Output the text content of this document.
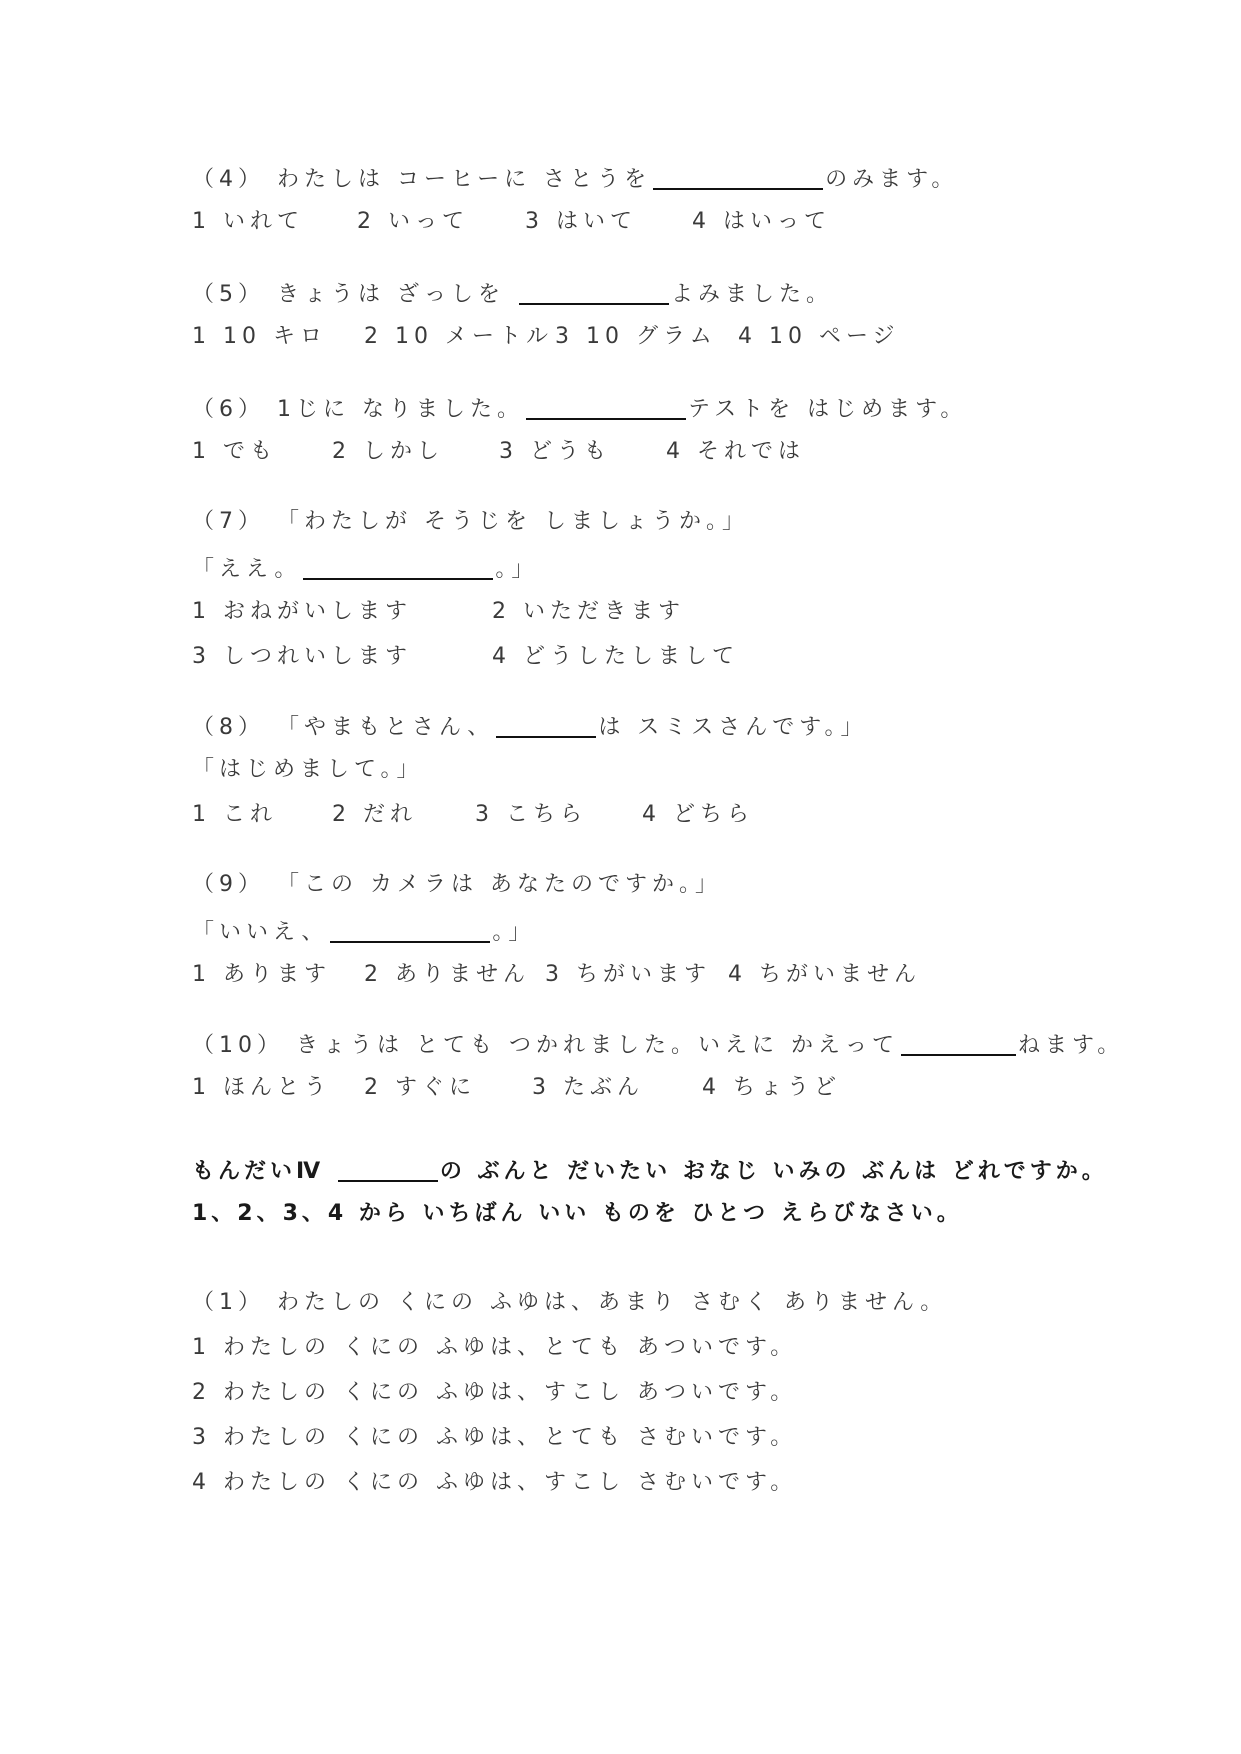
（4） わたしは コーヒーに さとうを	のみます。
1 いれて 2 いって	3 はいて	4 はいって
（5） きょうは ざっしを	よみました。
1 10 キロ 2 10 メートル 3 10 グラム 4 10 ページ
（6） 1じに なりました。	テストを はじめます。
1 でも	2 しかし	3 どうも	4 それでは
（7） 「わたしが そうじを しましょうか。」
「ええ。	。」
1 おねがいします	2 いただきます
3 しつれいします	4 どうしたしまして
（8） 「やまもとさん、	は スミスさんです。」
「はじめまして。」
1 これ	2 だれ	3 こちら	4 どちら
（9） 「この カメラは あなたのですか。」
「いいえ、	。」
1 あります 2 ありません 3 ちがいます 4 ちがいません
（10） きょうは とても つかれました。いえに かえって	ねます。
1 ほんとう 2 すぐに	3 たぶん	4 ちょうど
もんだいⅣ	の ぶんと だいたい おなじ いみの ぶんは どれですか。
1、2、3、4 から いちばん いい ものを ひとつ えらびなさい。
（1） わたしの くにの ふゆは、あまり さむく ありません。
1 わたしの くにの ふゆは、とても あついです。
2 わたしの くにの ふゆは、すこし あついです。
3 わたしの くにの ふゆは、とても さむいです。
4 わたしの くにの ふゆは、すこし さむいです。
